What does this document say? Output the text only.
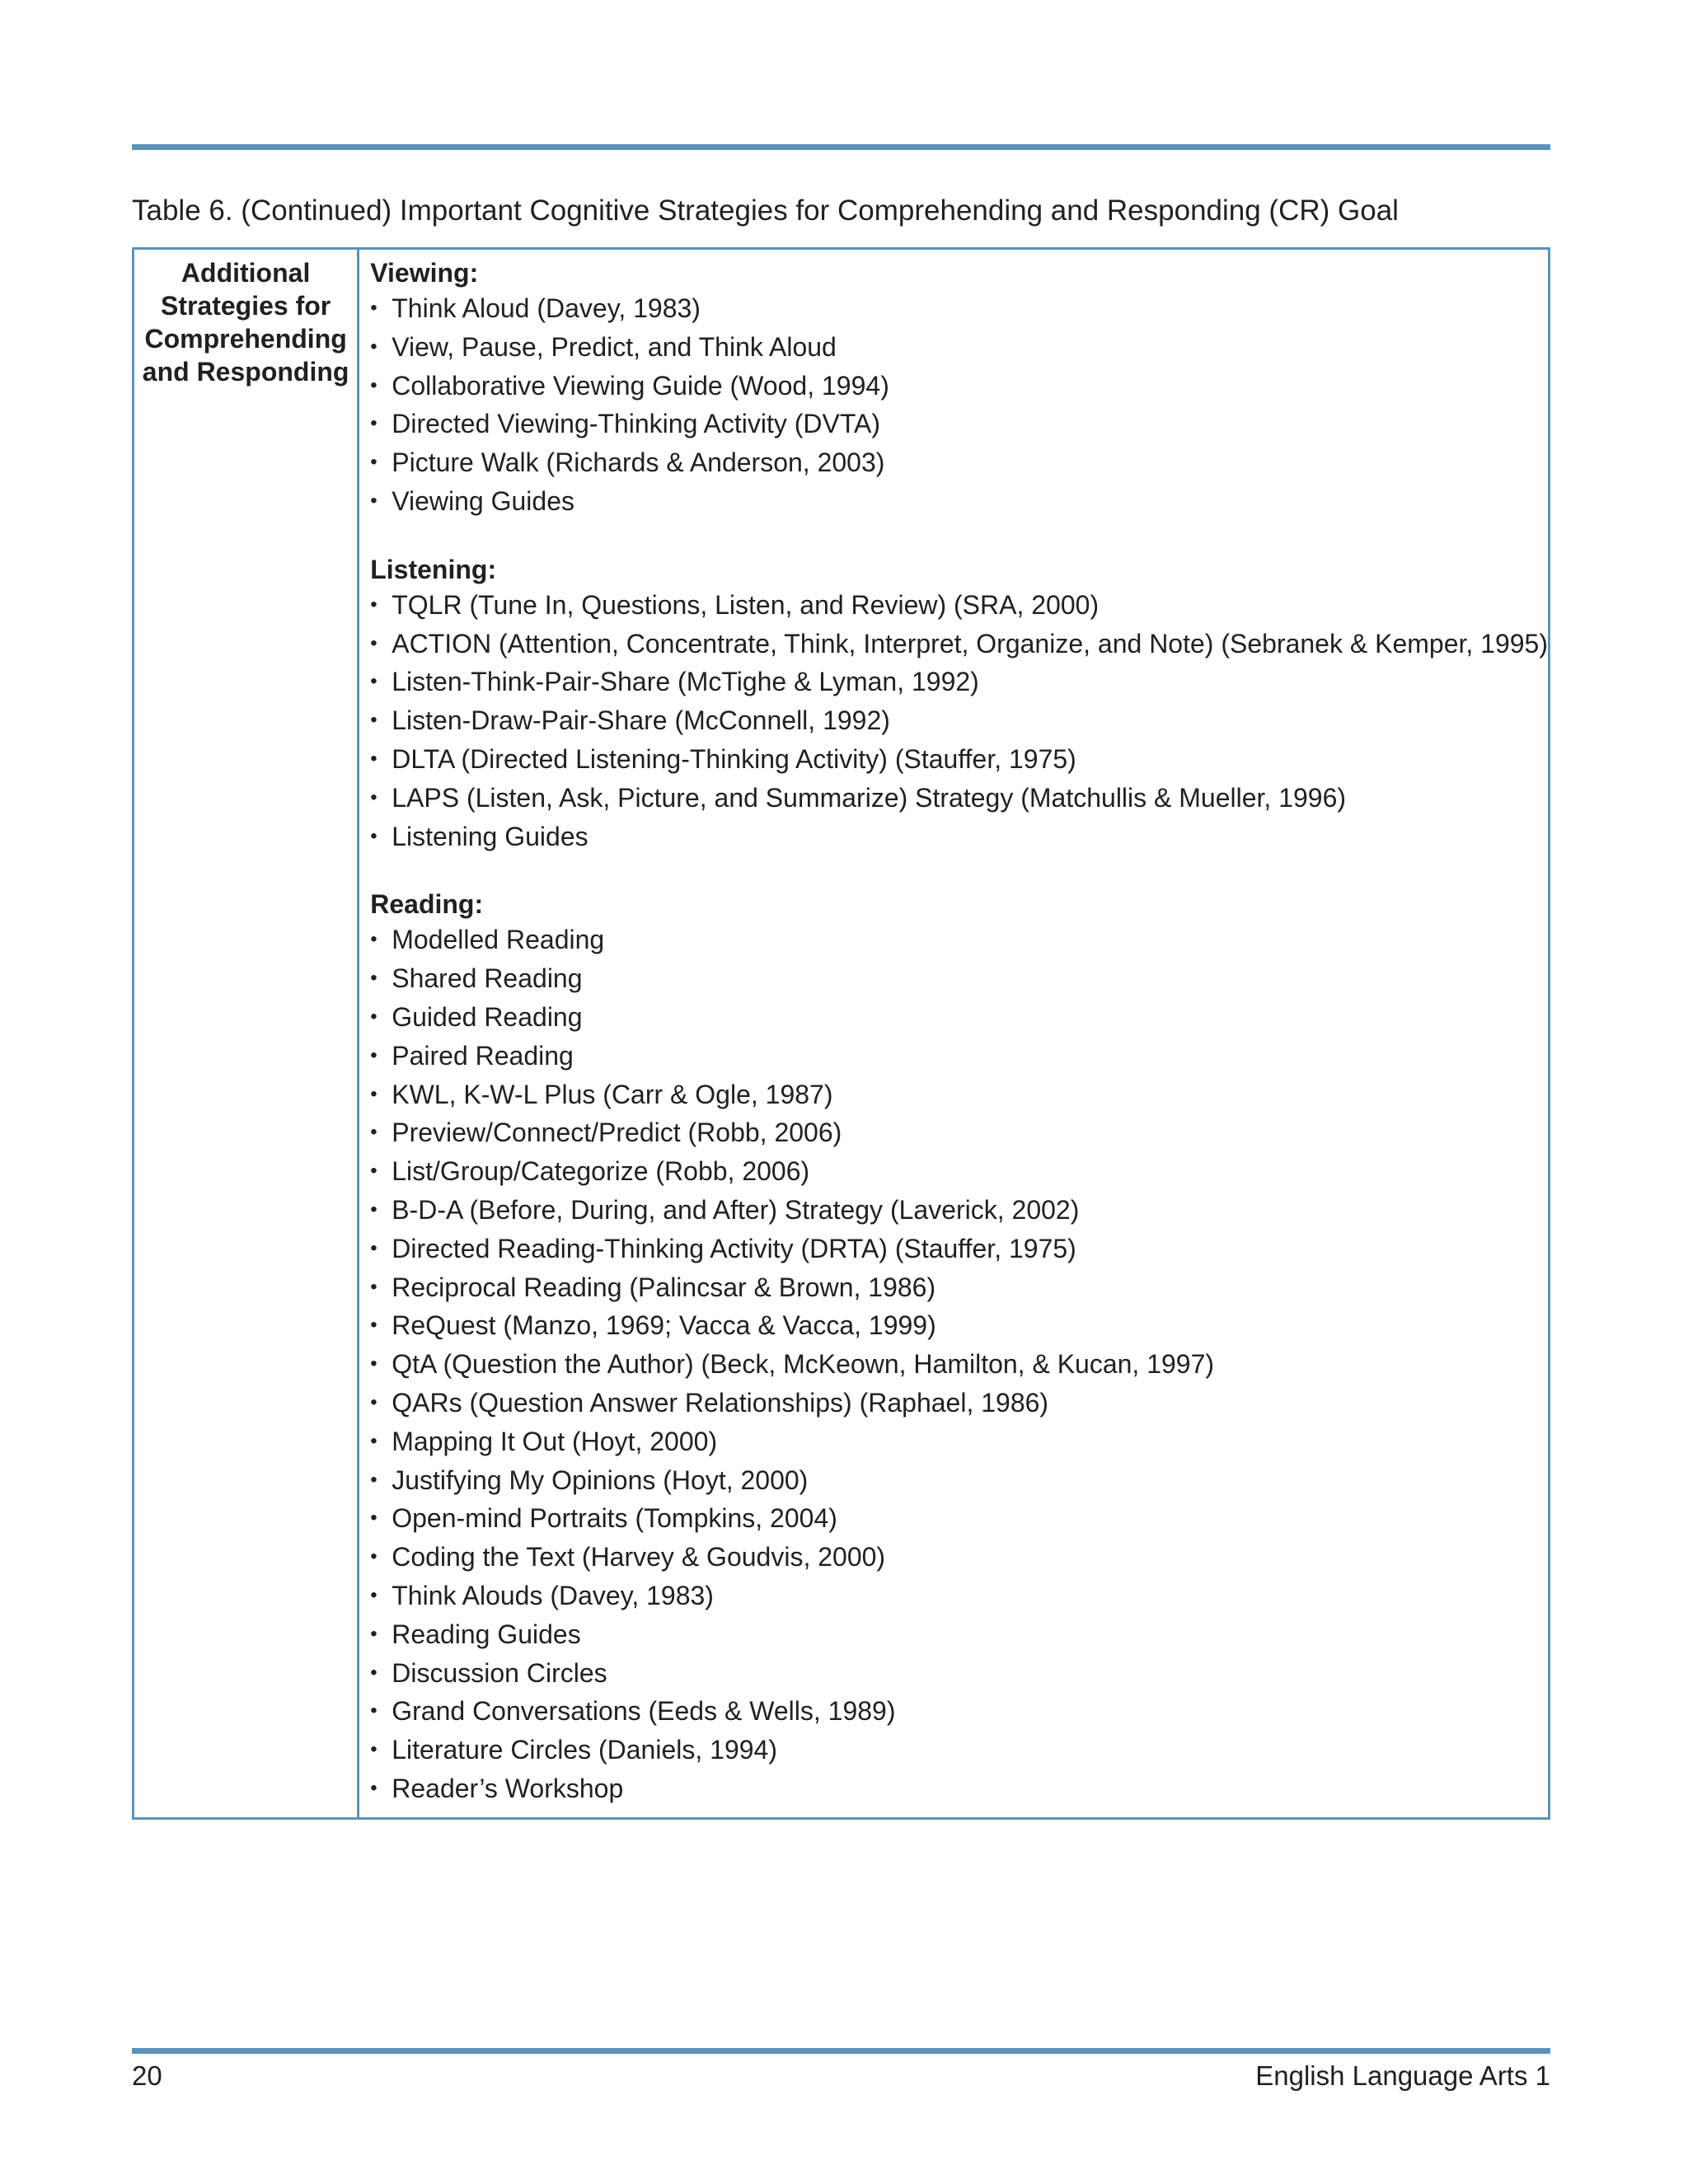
Table 6. (Continued) Important Cognitive Strategies for Comprehending and Responding (CR) Goal
Additional
Strategies for
Comprehending
and Responding
Viewing:
• Think Aloud (Davey, 1983)
• View, Pause, Predict, and Think Aloud
• Collaborative Viewing Guide (Wood, 1994)
• Directed Viewing-Thinking Activity (DVTA)
• Picture Walk (Richards & Anderson, 2003)
• Viewing Guides
Listening:
• TQLR (Tune In, Questions, Listen, and Review) (SRA, 2000)
• ACTION (Attention, Concentrate, Think, Interpret, Organize, and Note) (Sebranek & Kemper, 1995)
• Listen-Think-Pair-Share (McTighe & Lyman, 1992)
• Listen-Draw-Pair-Share (McConnell, 1992)
• DLTA (Directed Listening-Thinking Activity) (Stauffer, 1975)
• LAPS (Listen, Ask, Picture, and Summarize) Strategy (Matchullis & Mueller, 1996)
• Listening Guides
Reading:
• Modelled Reading
• Shared Reading
• Guided Reading
• Paired Reading
• KWL, K-W-L Plus (Carr & Ogle, 1987)
• Preview/Connect/Predict (Robb, 2006)
• List/Group/Categorize (Robb, 2006)
• B-D-A (Before, During, and After) Strategy (Laverick, 2002)
• Directed Reading-Thinking Activity (DRTA) (Stauffer, 1975)
• Reciprocal Reading (Palincsar & Brown, 1986)
• ReQuest (Manzo, 1969; Vacca & Vacca, 1999)
• QtA (Question the Author) (Beck, McKeown, Hamilton, & Kucan, 1997)
• QARs (Question Answer Relationships) (Raphael, 1986)
• Mapping It Out (Hoyt, 2000)
• Justifying My Opinions (Hoyt, 2000)
• Open-mind Portraits (Tompkins, 2004)
• Coding the Text (Harvey & Goudvis, 2000)
• Think Alouds (Davey, 1983)
• Reading Guides
• Discussion Circles
• Grand Conversations (Eeds & Wells, 1989)
• Literature Circles (Daniels, 1994)
• Reader’s Workshop
20	English Language Arts 1
